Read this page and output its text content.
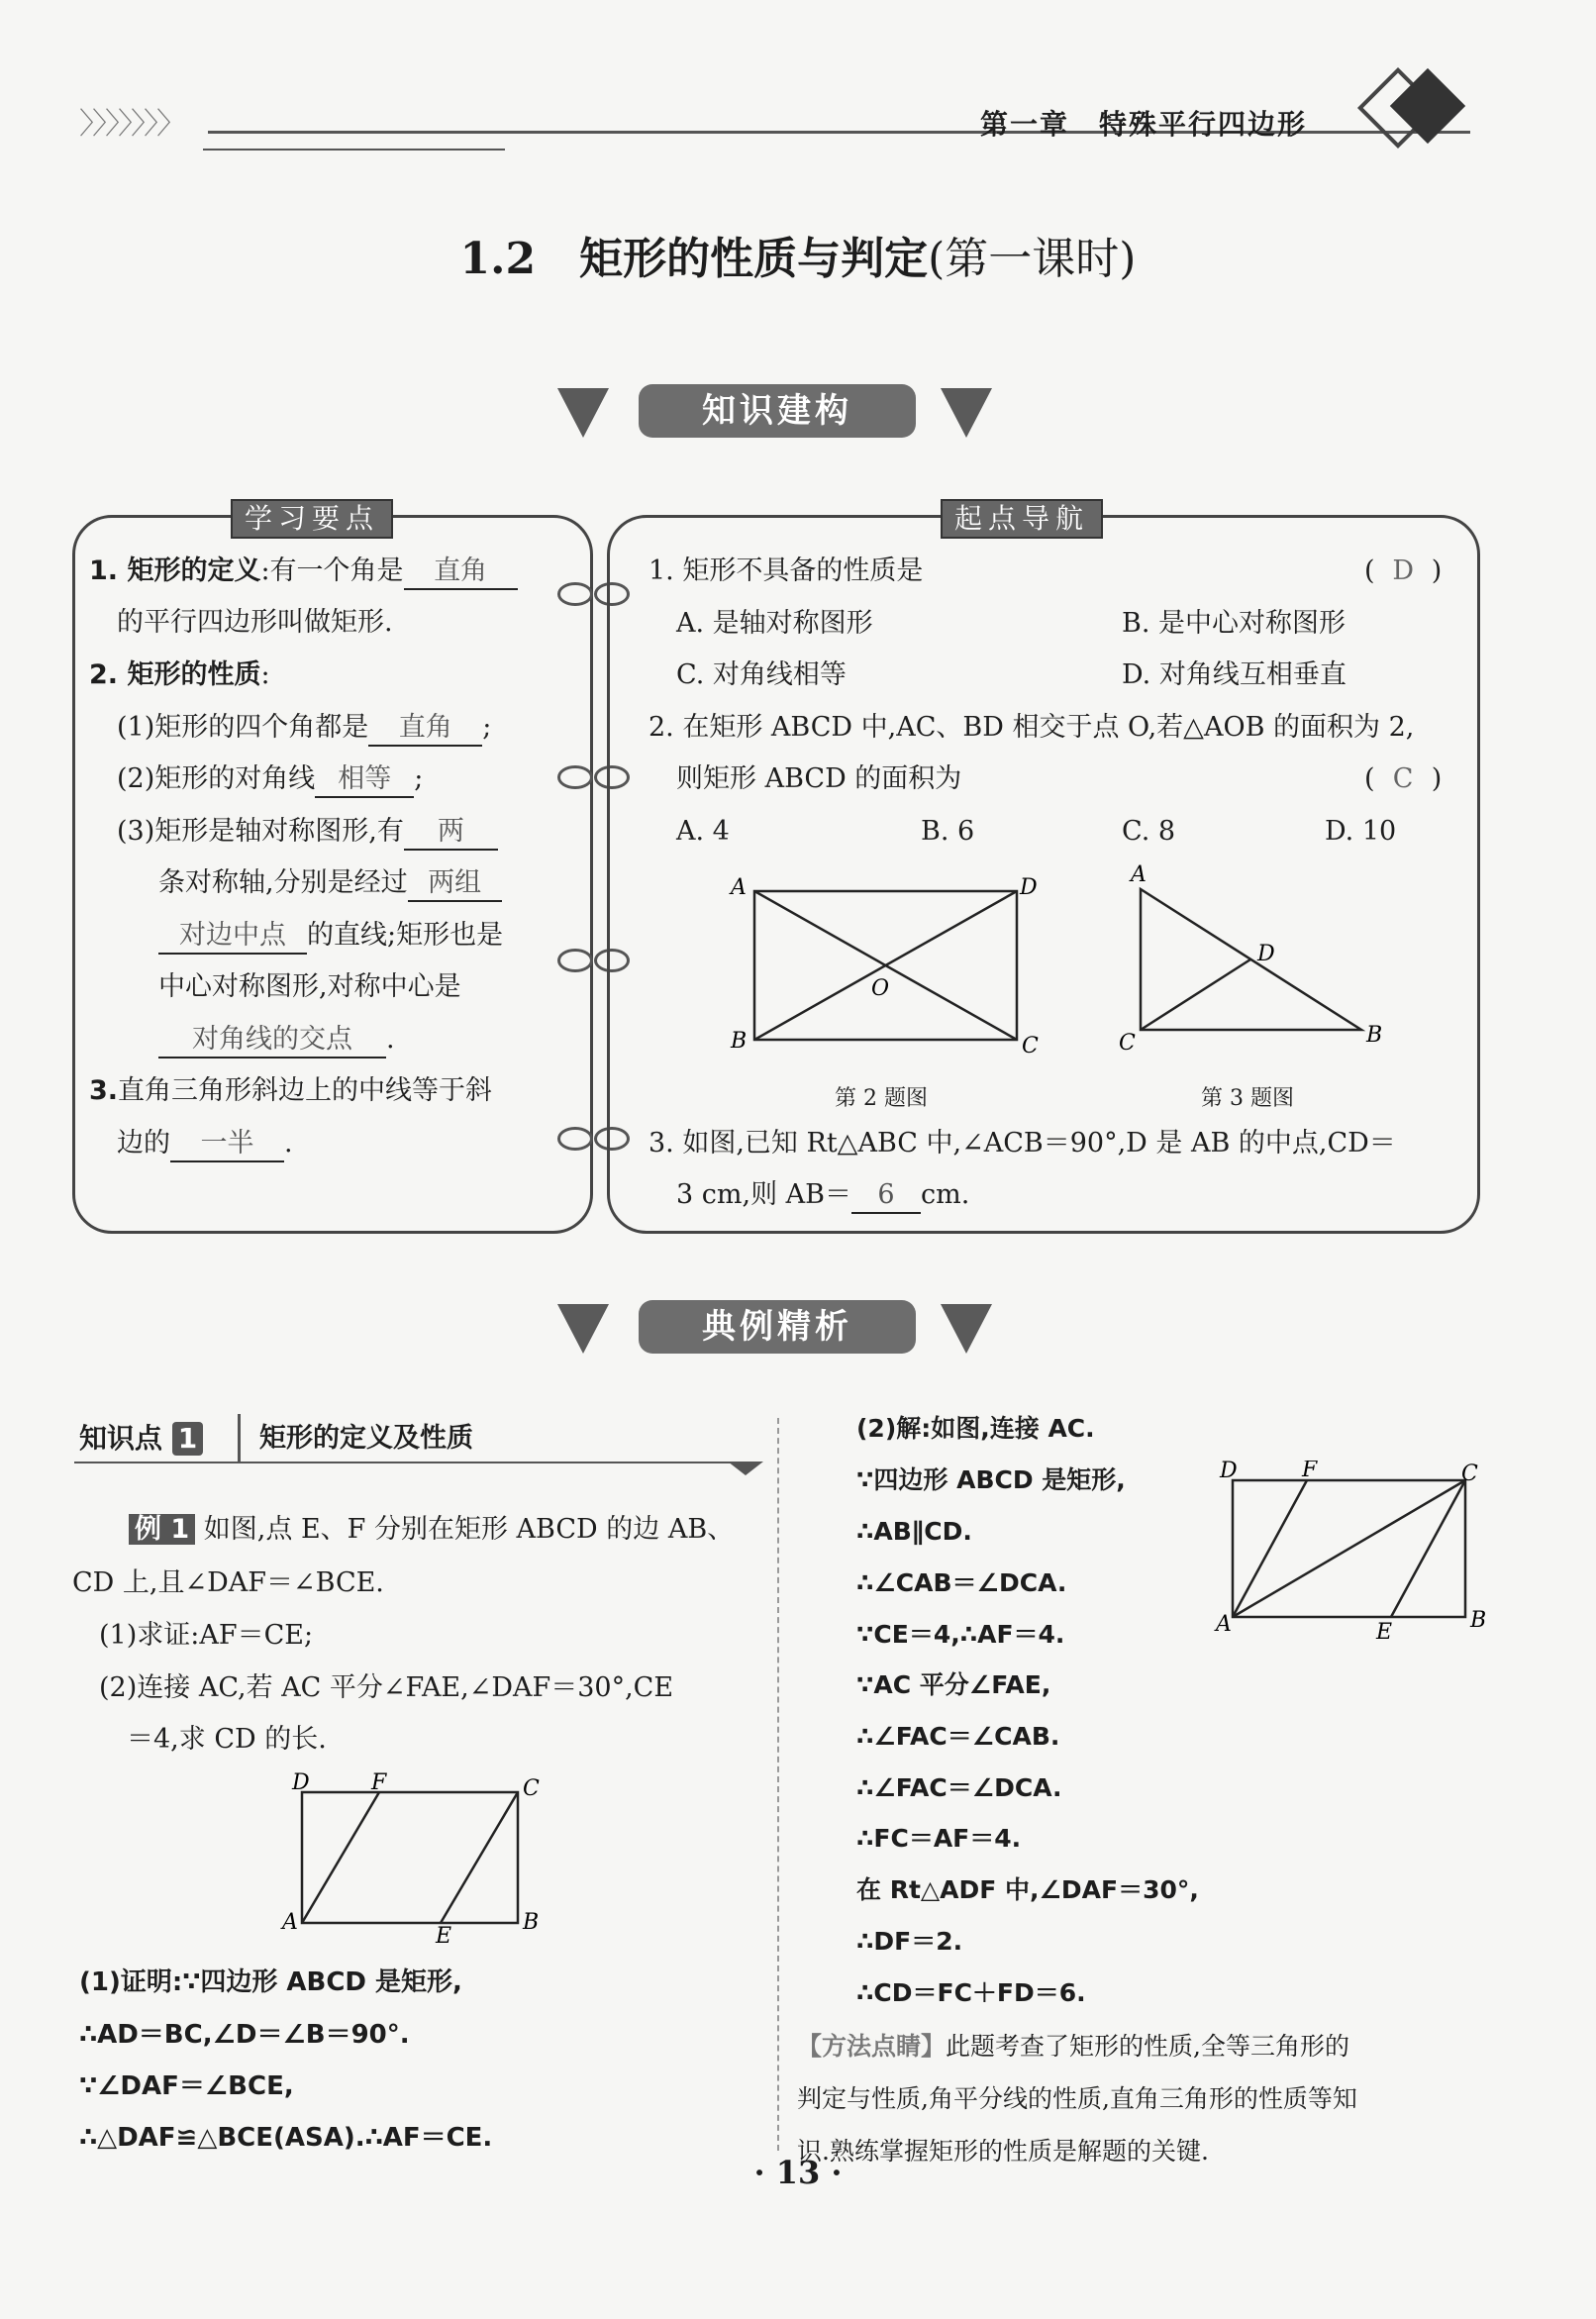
〉〉〉〉〉〉〉	第一章　特殊平行四边形
1.2　矩形的性质与判定(第一课时)
知识建构
学习要点
1. 矩形的定义:有一个角是 直角
的平行四边形叫做矩形.
2. 矩形的性质:
(1)矩形的四个角都是 直角 ;
(2)矩形的对角线 相等 ;
(3)矩形是轴对称图形,有 两
条对称轴,分别是经过 两组
对边中点 的直线;矩形也是
中心对称图形,对称中心是
对角线的交点 .
3.直角三角形斜边上的中线等于斜
边的 一半 .
起点导航
1. 矩形不具备的性质是	( D )
A. 是轴对称图形	B. 是中心对称图形
C. 对角线相等	D. 对角线互相垂直
2. 在矩形 ABCD 中,AC、BD 相交于点 O,若△AOB 的面积为 2,
则矩形 ABCD 的面积为	( C )
A. 4	B. 6	C. 8	D. 10
A	D
B	C
O
第 2 题图
A
D
C	B
第 3 题图
3. 如图,已知 Rt△ABC 中,∠ACB＝90°,D 是 AB 的中点,CD＝
3 cm,则 AB＝ 6 cm.
典例精析
知识点 1 矩形的定义及性质
例 1 如图,点 E、F 分别在矩形 ABCD 的边 AB、
CD 上,且∠DAF＝∠BCE.
(1)求证:AF＝CE;
(2)连接 AC,若 AC 平分∠FAE,∠DAF＝30°,CE
＝4,求 CD 的长.
D	F	C
A
E
B
(1)证明:∵四边形 ABCD 是矩形,
∴AD＝BC,∠D＝∠B＝90°.
∵∠DAF＝∠BCE,
∴△DAF≌△BCE(ASA).∴AF＝CE.
(2)解:如图,连接 AC.
∵四边形 ABCD 是矩形,
∴AB∥CD.
∴∠CAB＝∠DCA.
∵CE＝4,∴AF＝4.
∵AC 平分∠FAE,
∴∠FAC＝∠CAB.
∴∠FAC＝∠DCA.
∴FC＝AF＝4.
在 Rt△ADF 中,∠DAF＝30°,
∴DF＝2.
∴CD＝FC＋FD＝6.
D	F	C
A	E	B
【方法点睛】此题考查了矩形的性质,全等三角形的
判定与性质,角平分线的性质,直角三角形的性质等知
识.熟练掌握矩形的性质是解题的关键.
· 13 ·
